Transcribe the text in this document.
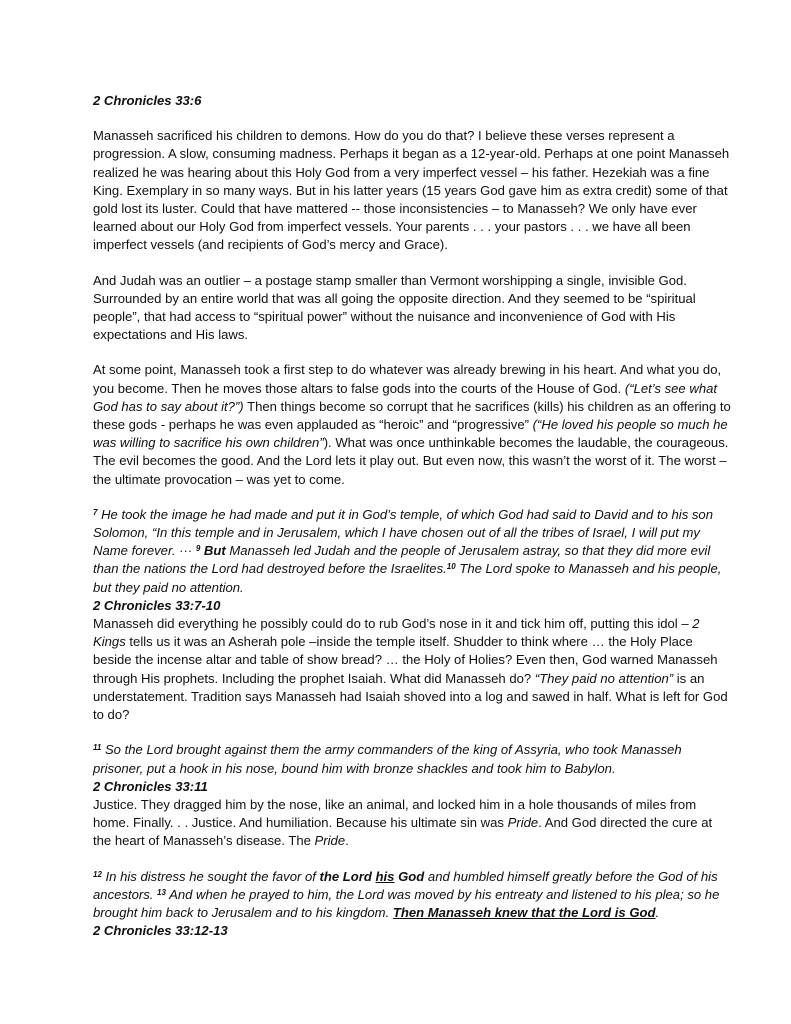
2 Chronicles 33:6

Manasseh sacrificed his children to demons. How do you do that? I believe these verses represent a progression. A slow, consuming madness. Perhaps it began as a 12-year-old. Perhaps at one point Manasseh realized he was hearing about this Holy God from a very imperfect vessel – his father. Hezekiah was a fine King. Exemplary in so many ways. But in his latter years (15 years God gave him as extra credit) some of that gold lost its luster. Could that have mattered -- those inconsistencies – to Manasseh? We only have ever learned about our Holy God from imperfect vessels. Your parents . . . your pastors . . . we have all been imperfect vessels (and recipients of God’s mercy and Grace).

And Judah was an outlier – a postage stamp smaller than Vermont worshipping a single, invisible God. Surrounded by an entire world that was all going the opposite direction. And they seemed to be “spiritual people”, that had access to “spiritual power” without the nuisance and inconvenience of God with His expectations and His laws.

At some point, Manasseh took a first step to do whatever was already brewing in his heart. And what you do, you become. Then he moves those altars to false gods into the courts of the House of God. (“Let’s see what God has to say about it?”) Then things become so corrupt that he sacrifices (kills) his children as an offering to these gods - perhaps he was even applauded as “heroic” and “progressive” (“He loved his people so much he was willing to sacrifice his own children”). What was once unthinkable becomes the laudable, the courageous. The evil becomes the good. And the Lord lets it play out. But even now, this wasn’t the worst of it. The worst – the ultimate provocation – was yet to come.

$^7$ He took the image he had made and put it in God’s temple, of which God had said to David and to his son Solomon, “In this temple and in Jerusalem, which I have chosen out of all the tribes of Israel, I will put my Name forever. ··· $^9$ But Manasseh led Judah and the people of Jerusalem astray, so that they did more evil than the nations the Lord had destroyed before the Israelites.$^{10}$ The Lord spoke to Manasseh and his people, but they paid no attention.

2 Chronicles 33:7-10

Manasseh did everything he possibly could do to rub God’s nose in it and tick him off, putting this idol – 2 Kings tells us it was an Asherah pole –inside the temple itself. Shudder to think where … the Holy Place beside the incense altar and table of show bread? … the Holy of Holies? Even then, God warned Manasseh through His prophets. Including the prophet Isaiah. What did Manasseh do? “They paid no attention” is an understatement. Tradition says Manasseh had Isaiah shoved into a log and sawed in half. What is left for God to do?

$^{11}$ So the Lord brought against them the army commanders of the king of Assyria, who took Manasseh prisoner, put a hook in his nose, bound him with bronze shackles and took him to Babylon.

2 Chronicles 33:11

Justice. They dragged him by the nose, like an animal, and locked him in a hole thousands of miles from home. Finally. . . Justice. And humiliation. Because his ultimate sin was Pride. And God directed the cure at the heart of Manasseh’s disease. The Pride.

$^{12}$ In his distress he sought the favor of the Lord his God and humbled himself greatly before the God of his ancestors. $^{13}$ And when he prayed to him, the Lord was moved by his entreaty and listened to his plea; so he brought him back to Jerusalem and to his kingdom. Then Manasseh knew that the Lord is God.

2 Chronicles 33:12-13
